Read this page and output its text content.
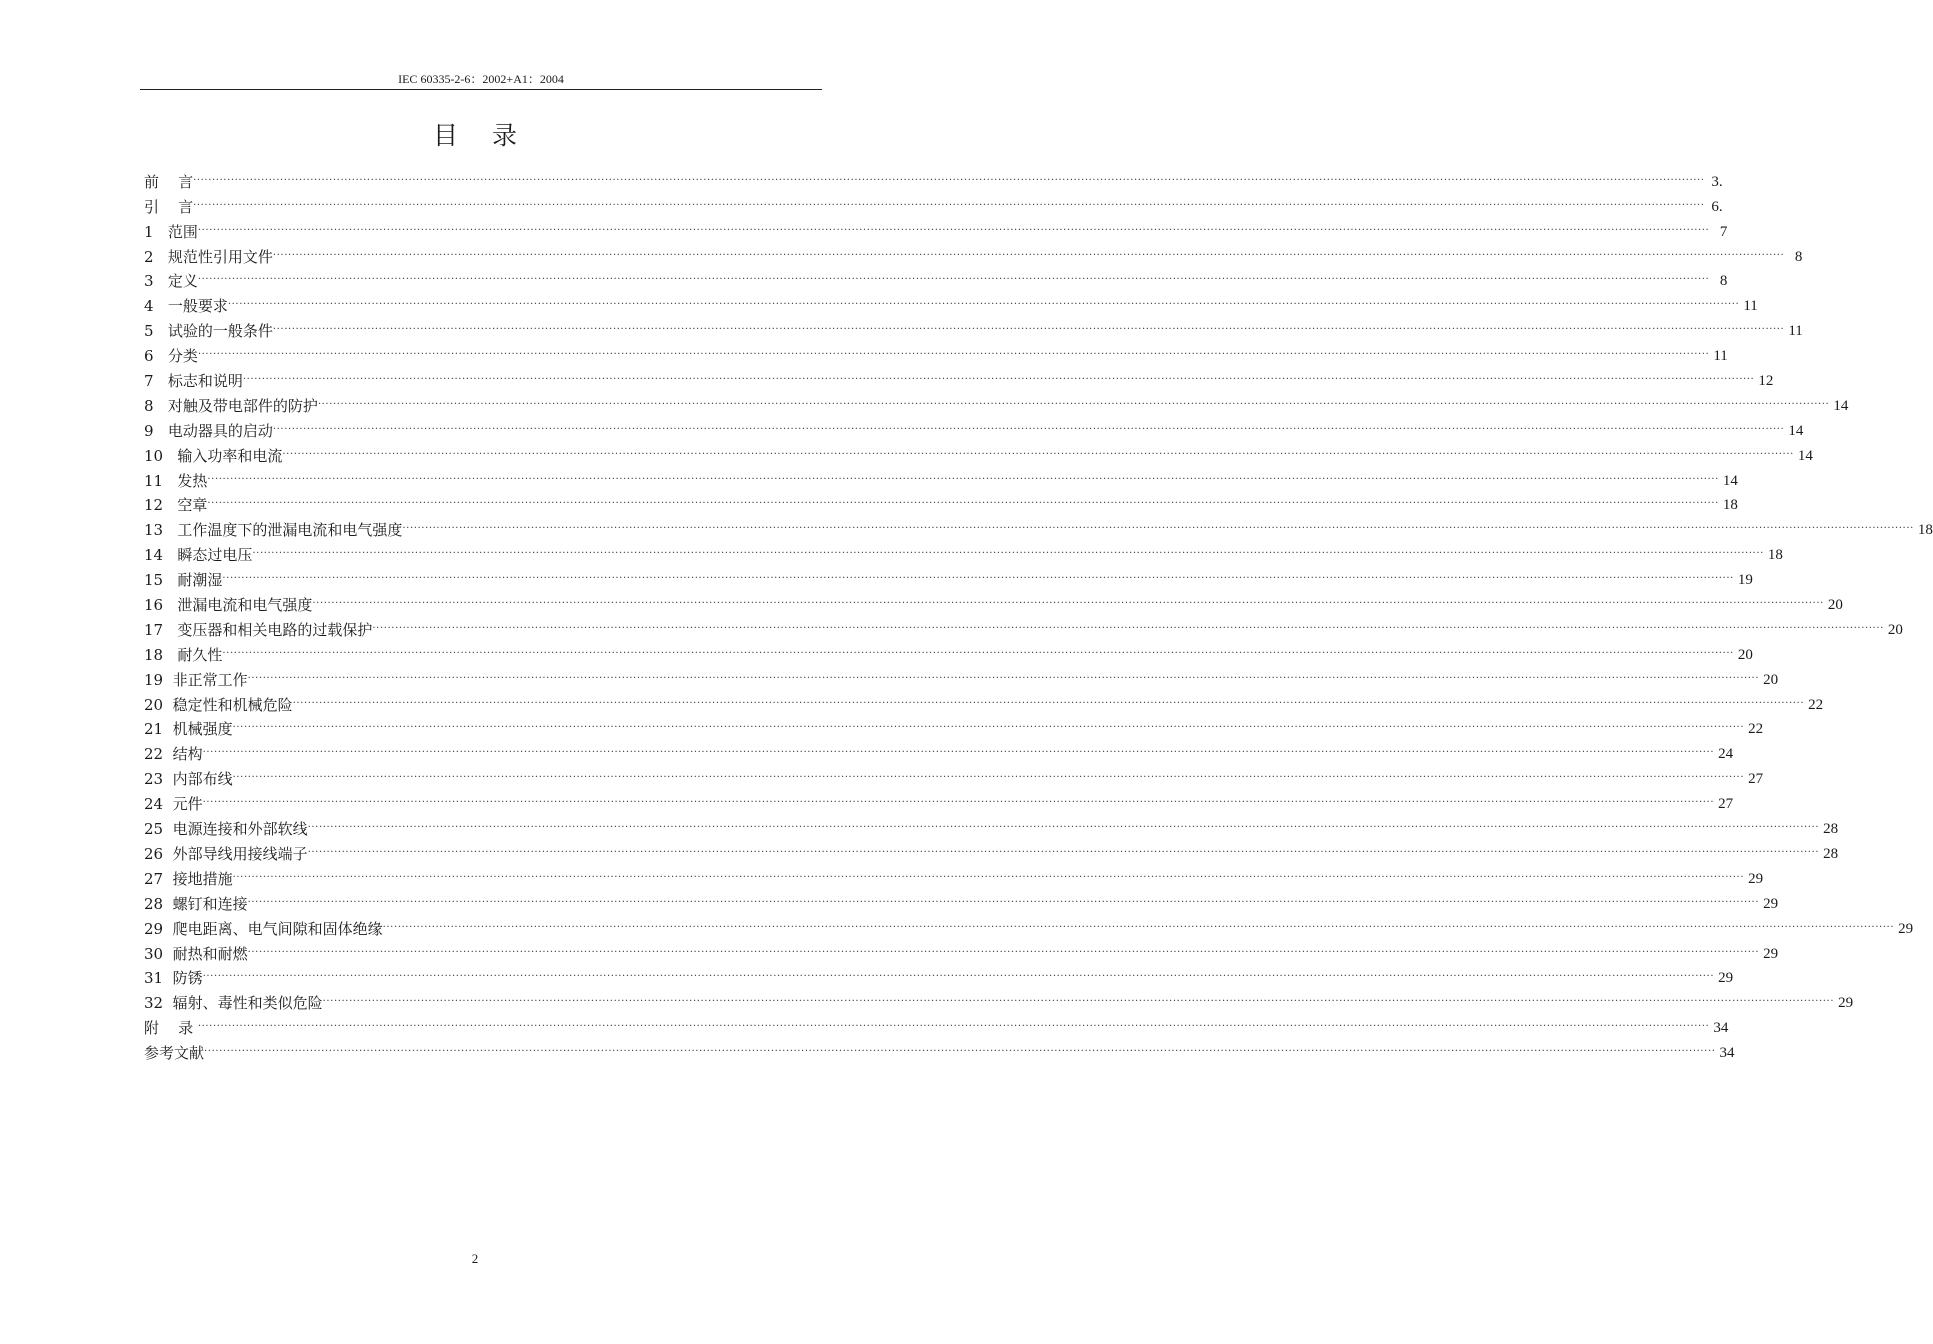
IEC 60335-2-6：2002+A1：2004
目录
前    言 ................................................................................................................................................................................................................................................................................................................................................................................................................ 3.
引    言 ................................................................................................................................................................................................................................................................................................................................................................................................................ 6.
1   范围 ................................................................................................................................................................................................................................................................................................................................................................................................................ 7
2   规范性引用文件 ................................................................................................................................................................................................................................................................................................................................................................................................................ 8
3   定义 ................................................................................................................................................................................................................................................................................................................................................................................................................ 8
4   一般要求 ................................................................................................................................................................................................................................................................................................................................................................................................................ 11
5   试验的一般条件 ................................................................................................................................................................................................................................................................................................................................................................................................................ 11
6   分类 ................................................................................................................................................................................................................................................................................................................................................................................................................ 11
7   标志和说明 ................................................................................................................................................................................................................................................................................................................................................................................................................ 12
8   对触及带电部件的防护 ................................................................................................................................................................................................................................................................................................................................................................................................................ 14
9   电动器具的启动 ................................................................................................................................................................................................................................................................................................................................................................................................................ 14
10   输入功率和电流 ................................................................................................................................................................................................................................................................................................................................................................................................................ 14
11   发热 ................................................................................................................................................................................................................................................................................................................................................................................................................ 14
12   空章 ................................................................................................................................................................................................................................................................................................................................................................................................................ 18
13   工作温度下的泄漏电流和电气强度 ................................................................................................................................................................................................................................................................................................................................................................................................................ 18
14   瞬态过电压 ................................................................................................................................................................................................................................................................................................................................................................................................................ 18
15   耐潮湿 ................................................................................................................................................................................................................................................................................................................................................................................................................ 19
16   泄漏电流和电气强度 ................................................................................................................................................................................................................................................................................................................................................................................................................ 20
17   变压器和相关电路的过载保护 ................................................................................................................................................................................................................................................................................................................................................................................................................ 20
18   耐久性 ................................................................................................................................................................................................................................................................................................................................................................................................................ 20
19  非正常工作 ................................................................................................................................................................................................................................................................................................................................................................................................................ 20
20  稳定性和机械危险 ................................................................................................................................................................................................................................................................................................................................................................................................................ 22
21  机械强度 ................................................................................................................................................................................................................................................................................................................................................................................................................ 22
22  结构 ................................................................................................................................................................................................................................................................................................................................................................................................................ 24
23  内部布线 ................................................................................................................................................................................................................................................................................................................................................................................................................ 27
24  元件 ................................................................................................................................................................................................................................................................................................................................................................................................................ 27
25  电源连接和外部软线 ................................................................................................................................................................................................................................................................................................................................................................................................................ 28
26  外部导线用接线端子 ................................................................................................................................................................................................................................................................................................................................................................................................................ 28
27  接地措施 ................................................................................................................................................................................................................................................................................................................................................................................................................ 29
28  螺钉和连接 ................................................................................................................................................................................................................................................................................................................................................................................................................ 29
29  爬电距离、电气间隙和固体绝缘 ................................................................................................................................................................................................................................................................................................................................................................................................................ 29
30  耐热和耐燃 ................................................................................................................................................................................................................................................................................................................................................................................................................ 29
31  防锈 ................................................................................................................................................................................................................................................................................................................................................................................................................ 29
32  辐射、毒性和类似危险 ................................................................................................................................................................................................................................................................................................................................................................................................................ 29
附    录 ................................................................................................................................................................................................................................................................................................................................................................................................................ 34
参考文献 ................................................................................................................................................................................................................................................................................................................................................................................................................ 34
2
